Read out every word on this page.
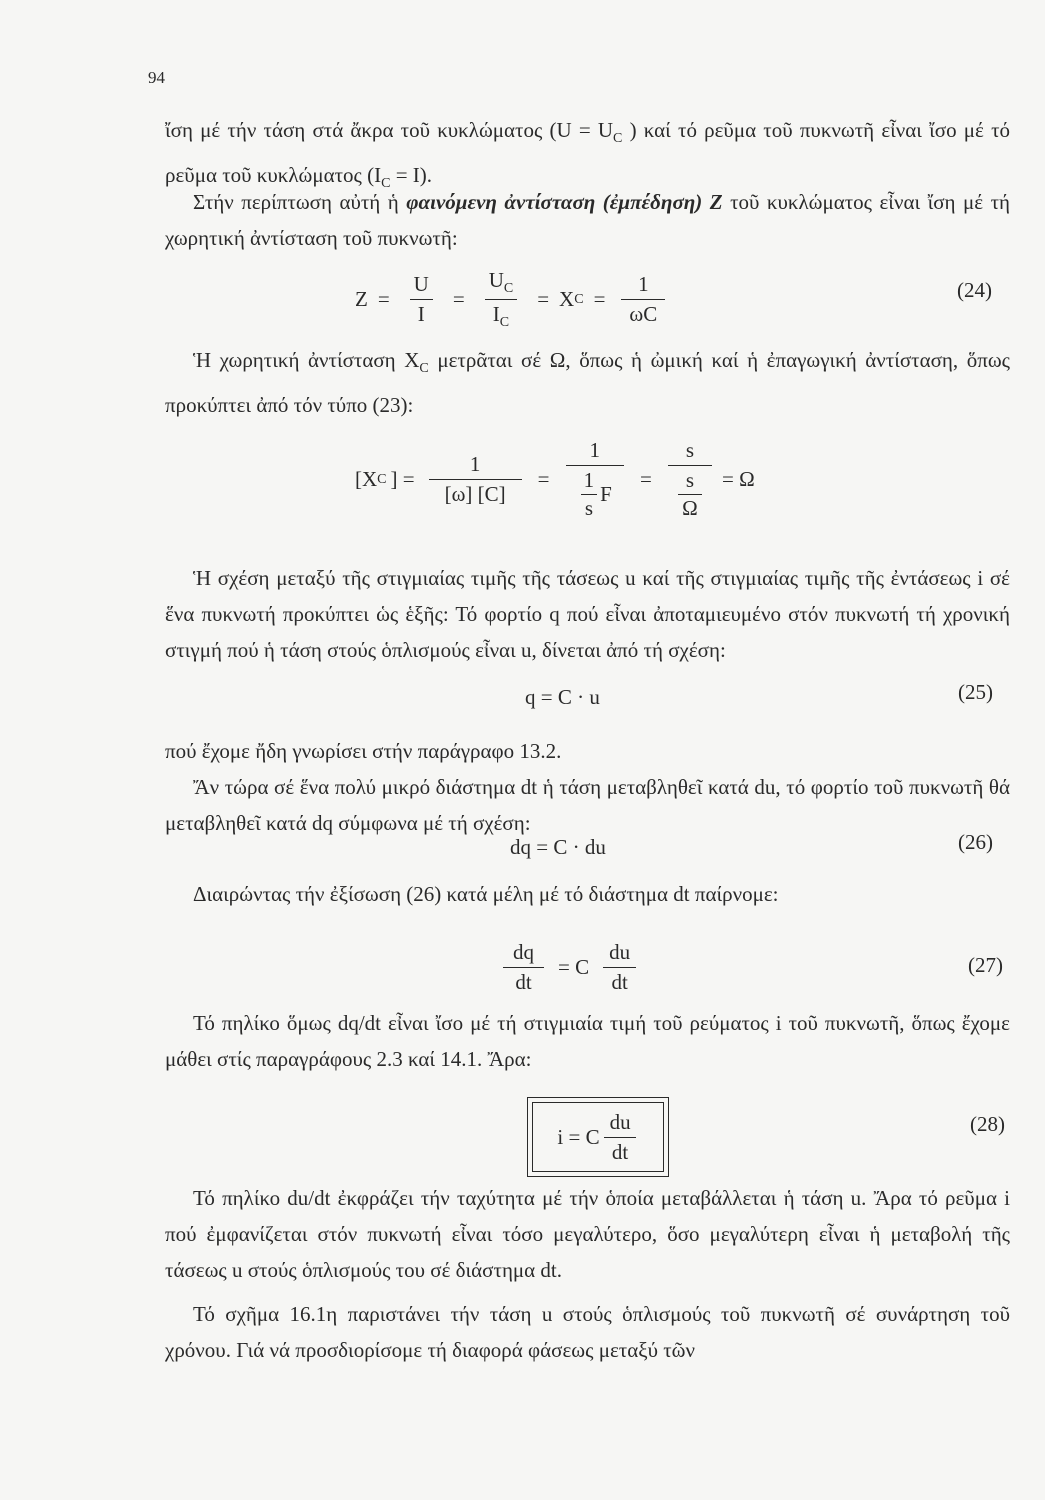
94
ἴση μέ τήν τάση στά ἄκρα τοῦ κυκλώματος ($U = U_C$ ) καί τό ρεῦμα τοῦ πυκνωτῆ εἶναι ἴσο μέ τό ρεῦμα τοῦ κυκλώματος $(I_C = I)$.
Στήν περίπτωση αὐτή ἡ φαινόμενη ἀντίσταση (ἐμπέδηση) Z τοῦ κυκλώματος εἶναι ἴση μέ τή χωρητική ἀντίσταση τοῦ πυκνωτῆ:
$Z = \frac{U}{I} = \frac{U_C}{I_C} = X$ $C = \frac{1}{\omega C}$	(24)
Ἡ χωρητική ἀντίσταση $X_C$ μετρᾶται σέ Ω, ὅπως ἡ ὠμική καί ἡ ἐπαγωγική ἀντίσταση, ὅπως προκύπτει ἀπό τόν τύπο (23):
[X C ] = $\frac{1}{[\omega] [C]} = \frac{1}{\frac{1}{s} F} = \frac{s}{\frac{s}{\Omega}} = \Omega$
Ἡ σχέση μεταξύ τῆς στιγμιαίας τιμῆς τῆς τάσεως u καί τῆς στιγμιαίας τιμῆς τῆς ἐντάσεως i σέ ἕνα πυκνωτή προκύπτει ὡς ἑξῆς: Τό φορτίο q πού εἶναι ἀποταμιευμένο στόν πυκνωτή τή χρονική στιγμή πού ἡ τάση στούς ὁπλισμούς εἶναι u, δίνεται ἀπό τή σχέση:
q = C · u	(25)
πού ἔχομε ἤδη γνωρίσει στήν παράγραφο 13.2.
Ἄν τώρα σέ ἕνα πολύ μικρό διάστημα dt ἡ τάση μεταβληθεῖ κατά du, τό φορτίο τοῦ πυκνωτῆ θά μεταβληθεῖ κατά dq σύμφωνα μέ τή σχέση:
dq = C · du	(26)
Διαιρώντας τήν ἐξίσωση (26) κατά μέλη μέ τό διάστημα dt παίρνομε:
$\frac{dq}{dt} = C \frac{du}{dt}$	(27)
Τό πηλίκο ὅμως dq/dt εἶναι ἴσο μέ τή στιγμιαία τιμή τοῦ ρεύματος i τοῦ πυκνωτῆ, ὅπως ἔχομε μάθει στίς παραγράφους 2.3 καί 14.1. Ἄρα:
i = C $\frac{du}{dt}$	(28)
Τό πηλίκο du/dt ἐκφράζει τήν ταχύτητα μέ τήν ὁποία μεταβάλλεται ἡ τάση u. Ἄρα τό ρεῦμα i πού ἐμφανίζεται στόν πυκνωτή εἶναι τόσο μεγαλύτερο, ὅσο μεγαλύτερη εἶναι ἡ μεταβολή τῆς τάσεως u στούς ὁπλισμούς του σέ διάστημα dt.
Τό σχῆμα 16.1η παριστάνει τήν τάση u στούς ὁπλισμούς τοῦ πυκνωτῆ σέ συνάρτηση τοῦ χρόνου. Γιά νά προσδιορίσομε τή διαφορά φάσεως μεταξύ τῶν
